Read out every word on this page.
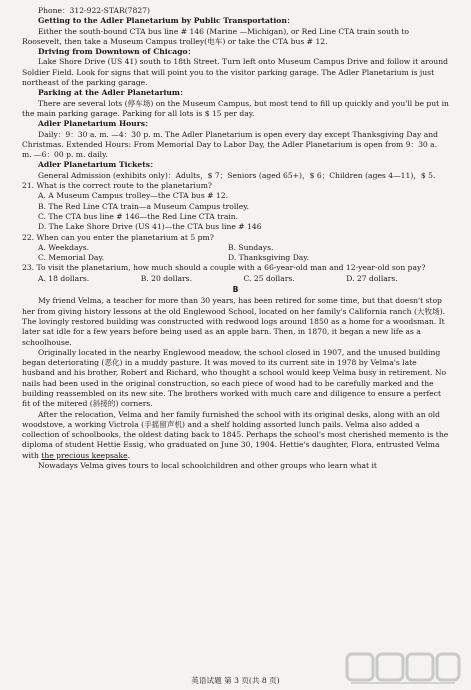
Phone：312-922-STAR(7827)

Getting to the Adler Planetarium by Public Transportation：

Either the south-bound CTA bus line # 146 (Marine —Michigan), or Red Line CTA train south to Roosevelt, then take a Museum Campus trolley(电车) or take the CTA bus # 12.

Driving from Downtown of Chicago：

Lake Shore Drive (US 41) south to 18th Street. Turn left onto Museum Campus Drive and follow it around Soldier Field. Look for signs that will point you to the visitor parking garage. The Adler Planetarium is just northeast of the parking garage.

Parking at the Adler Planetarium：

There are several lots (停车场) on the Museum Campus, but most tend to fill up quickly and you'll be put in the main parking garage. Parking for all lots is $ 15 per day.

Adler Planetarium Hours：

Daily：9：30 a. m. —4：30 p. m. The Adler Planetarium is open every day except Thanksgiving Day and Christmas. Extended Hours: From Memorial Day to Labor Day, the Adler Planetarium is open from 9：30 a. m. —6：00 p. m. daily.

Adler Planetarium Tickets：

General Admission (exhibits only)：Adults，$ 7；Seniors (aged 65+)，$ 6；Children (ages 4—11)，$ 5.

21. What is the correct route to the planetarium?

A. A Museum Campus trolley—the CTA bus # 12.

B. The Red Line CTA train—a Museum Campus trolley.

C. The CTA bus line # 146—the Red Line CTA train.

D. The Lake Shore Drive (US 41)—the CTA bus line # 146

22. When can you enter the planetarium at 5 pm?

A. Weekdays.	B. Sundays.
C. Memorial Day.	D. Thanksgiving Day.

23. To visit the planetarium, how much should a couple with a 66-year-old man and 12-year-old son pay?

A. 18 dollars.	B. 20 dollars.	C. 25 dollars.	D. 27 dollars.

B

My friend Velma, a teacher for more than 30 years, has been retired for some time, but that doesn't stop her from giving history lessons at the old Englewood School, located on her family's California ranch (大牧场). The lovingly restored building was constructed with redwood logs around 1850 as a home for a woodsman. It later sat idle for a few years before being used as an apple barn. Then, in 1870, it began a new life as a schoolhouse.

Originally located in the nearby Englewood meadow, the school closed in 1907, and the unused building began deteriorating (恶化) in a muddy pasture. It was moved to its current site in 1978 by Velma's late husband and his brother, Robert and Richard, who thought a school would keep Velma busy in retirement. No nails had been used in the original construction, so each piece of wood had to be carefully marked and the building reassembled on its new site. The brothers worked with much care and diligence to ensure a perfect fit of the mitered (斜接的) corners.

After the relocation, Velma and her family furnished the school with its original desks, along with an old woodstove, a working Victrola (手摇留声机) and a shelf holding assorted lunch pails. Velma also added a collection of schoolbooks, the oldest dating back to 1845. Perhaps the school's most cherished memento is the diploma of student Hettie Essig, who graduated on June 30, 1904. Hettie's daughter, Flora, entrusted Velma with the precious keepsake.

Nowadays Velma gives tours to local schoolchildren and other groups who learn what it

英语试题 第 3 页(共 8 页)
